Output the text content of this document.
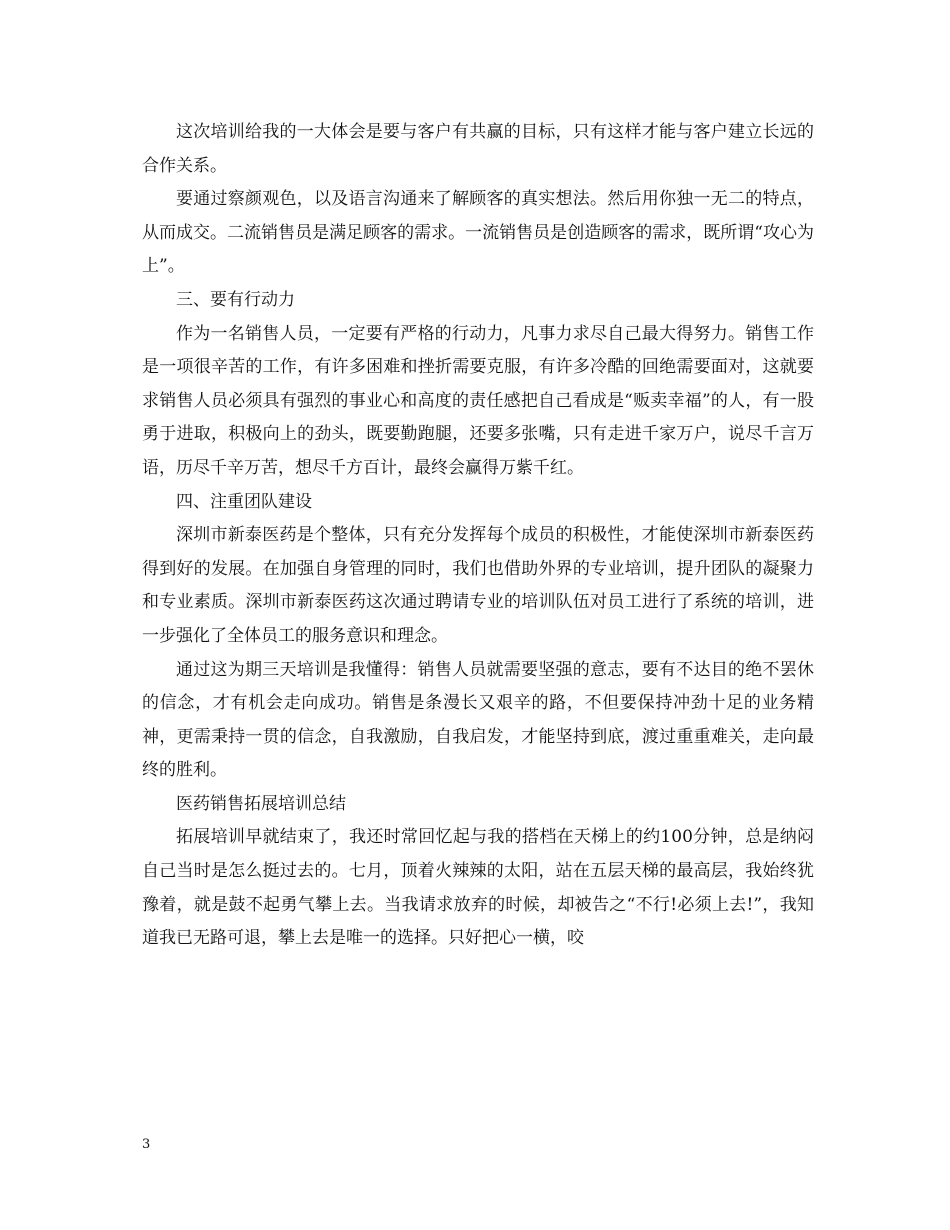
这次培训给我的一大体会是要与客户有共赢的目标，只有这样才能与客户建立长远的合作关系。

要通过察颜观色，以及语言沟通来了解顾客的真实想法。然后用你独一无二的特点，从而成交。二流销售员是满足顾客的需求。一流销售员是创造顾客的需求，既所谓“攻心为上”。

三、要有行动力

作为一名销售人员，一定要有严格的行动力，凡事力求尽自己最大得努力。销售工作是一项很辛苦的工作，有许多困难和挫折需要克服，有许多冷酷的回绝需要面对，这就要求销售人员必须具有强烈的事业心和高度的责任感把自己看成是“贩卖幸福”的人，有一股勇于进取，积极向上的劲头，既要勤跑腿，还要多张嘴，只有走进千家万户，说尽千言万语，历尽千辛万苦，想尽千方百计，最终会赢得万紫千红。

四、注重团队建设

深圳市新泰医药是个整体，只有充分发挥每个成员的积极性，才能使深圳市新泰医药得到好的发展。在加强自身管理的同时，我们也借助外界的专业培训，提升团队的凝聚力和专业素质。深圳市新泰医药这次通过聘请专业的培训队伍对员工进行了系统的培训，进一步强化了全体员工的服务意识和理念。

通过这为期三天培训是我懂得：销售人员就需要坚强的意志，要有不达目的绝不罢休的信念，才有机会走向成功。销售是条漫长又艰辛的路，不但要保持冲劲十足的业务精神，更需秉持一贯的信念，自我激励，自我启发，才能坚持到底，渡过重重难关，走向最终的胜利。

医药销售拓展培训总结

拓展培训早就结束了，我还时常回忆起与我的搭档在天梯上的约100分钟，总是纳闷自己当时是怎么挺过去的。七月，顶着火辣辣的太阳，站在五层天梯的最高层，我始终犹豫着，就是鼓不起勇气攀上去。当我请求放弃的时候，却被告之“不行!必须上去!”，我知道我已无路可退，攀上去是唯一的选择。只好把心一横，咬

3
